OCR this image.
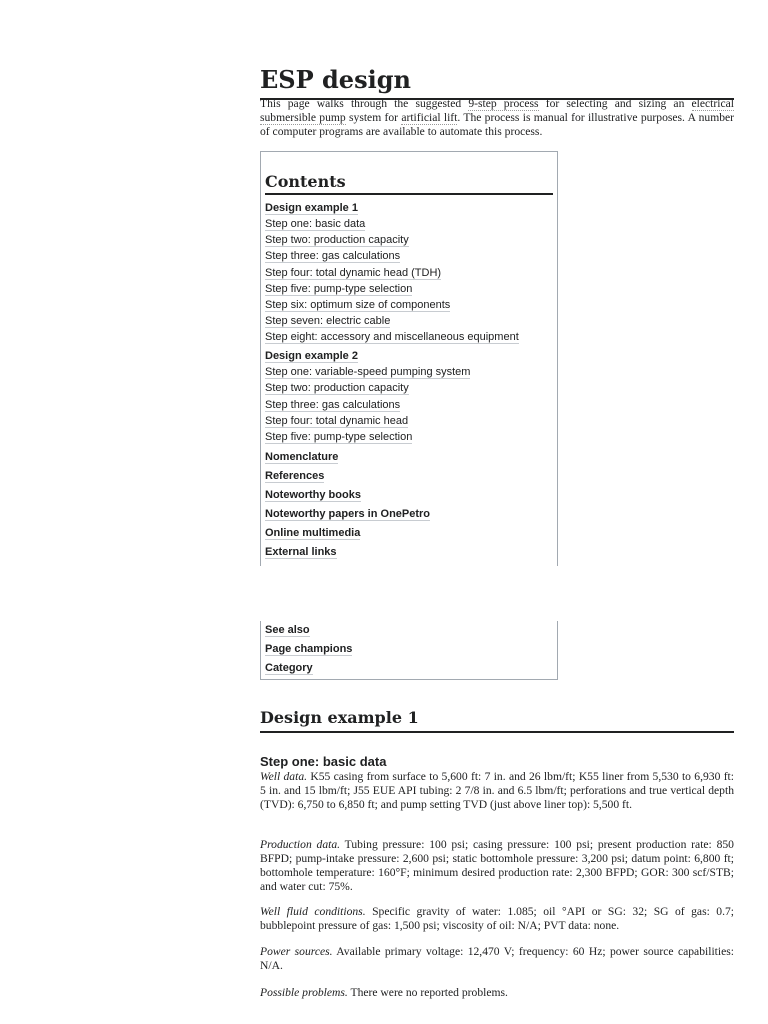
ESP design

This page walks through the suggested 9-step process for selecting and sizing an electrical submersible pump system for artificial lift. The process is manual for illustrative purposes. A number of computer programs are available to automate this process.

Contents
Design example 1
Step one: basic data
Step two: production capacity
Step three: gas calculations
Step four: total dynamic head (TDH)
Step five: pump-type selection
Step six: optimum size of components
Step seven: electric cable
Step eight: accessory and miscellaneous equipment
Design example 2
Step one: variable-speed pumping system
Step two: production capacity
Step three: gas calculations
Step four: total dynamic head
Step five: pump-type selection
Nomenclature
References
Noteworthy books
Noteworthy papers in OnePetro
Online multimedia
External links
See also
Page champions
Category
Design example 1
Step one: basic data

Well data. K55 casing from surface to 5,600 ft: 7 in. and 26 lbm/ft; K55 liner from 5,530 to 6,930 ft: 5 in. and 15 lbm/ft; J55 EUE API tubing: 2 7/8 in. and 6.5 lbm/ft; perforations and true vertical depth (TVD): 6,750 to 6,850 ft; and pump setting TVD (just above liner top): 5,500 ft.

Production data. Tubing pressure: 100 psi; casing pressure: 100 psi; present production rate: 850 BFPD; pump-intake pressure: 2,600 psi; static bottomhole pressure: 3,200 psi; datum point: 6,800 ft; bottomhole temperature: 160°F; minimum desired production rate: 2,300 BFPD; GOR: 300 scf/STB; and water cut: 75%.

Well fluid conditions. Specific gravity of water: 1.085; oil °API or SG: 32; SG of gas: 0.7; bubblepoint pressure of gas: 1,500 psi; viscosity of oil: N/A; PVT data: none.

Power sources. Available primary voltage: 12,470 V; frequency: 60 Hz; power source capabilities: N/A.

Possible problems. There were no reported problems.
